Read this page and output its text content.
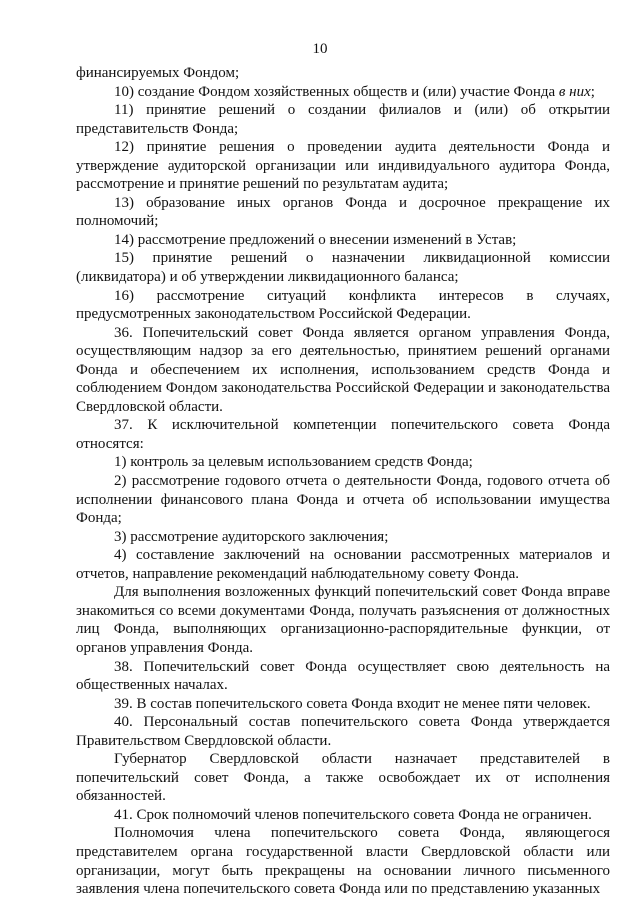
10

финансируемых Фондом;

10) создание Фондом хозяйственных обществ и (или) участие Фонда в них;

11) принятие решений о создании филиалов и (или) об открытии представительств Фонда;

12) принятие решения о проведении аудита деятельности Фонда и утверждение аудиторской организации или индивидуального аудитора Фонда, рассмотрение и принятие решений по результатам аудита;

13) образование иных органов Фонда и досрочное прекращение их полномочий;

14) рассмотрение предложений о внесении изменений в Устав;

15) принятие решений о назначении ликвидационной комиссии (ликвидатора) и об утверждении ликвидационного баланса;

16) рассмотрение ситуаций конфликта интересов в случаях, предусмотренных законодательством Российской Федерации.

36. Попечительский совет Фонда является органом управления Фонда, осуществляющим надзор за его деятельностью, принятием решений органами Фонда и обеспечением их исполнения, использованием средств Фонда и соблюдением Фондом законодательства Российской Федерации и законодательства Свердловской области.

37. К исключительной компетенции попечительского совета Фонда относятся:

1) контроль за целевым использованием средств Фонда;

2) рассмотрение годового отчета о деятельности Фонда, годового отчета об исполнении финансового плана Фонда и отчета об использовании имущества Фонда;

3) рассмотрение аудиторского заключения;

4) составление заключений на основании рассмотренных материалов и отчетов, направление рекомендаций наблюдательному совету Фонда.

Для выполнения возложенных функций попечительский совет Фонда вправе знакомиться со всеми документами Фонда, получать разъяснения от должностных лиц Фонда, выполняющих организационно-распорядительные функции, от органов управления Фонда.

38. Попечительский совет Фонда осуществляет свою деятельность на общественных началах.

39. В состав попечительского совета Фонда входит не менее пяти человек.

40. Персональный состав попечительского совета Фонда утверждается Правительством Свердловской области.

Губернатор Свердловской области назначает представителей в попечительский совет Фонда, а также освобождает их от исполнения обязанностей.

41. Срок полномочий членов попечительского совета Фонда не ограничен.

Полномочия члена попечительского совета Фонда, являющегося представителем органа государственной власти Свердловской области или организации, могут быть прекращены на основании личного письменного заявления члена попечительского совета Фонда или по представлению указанных
